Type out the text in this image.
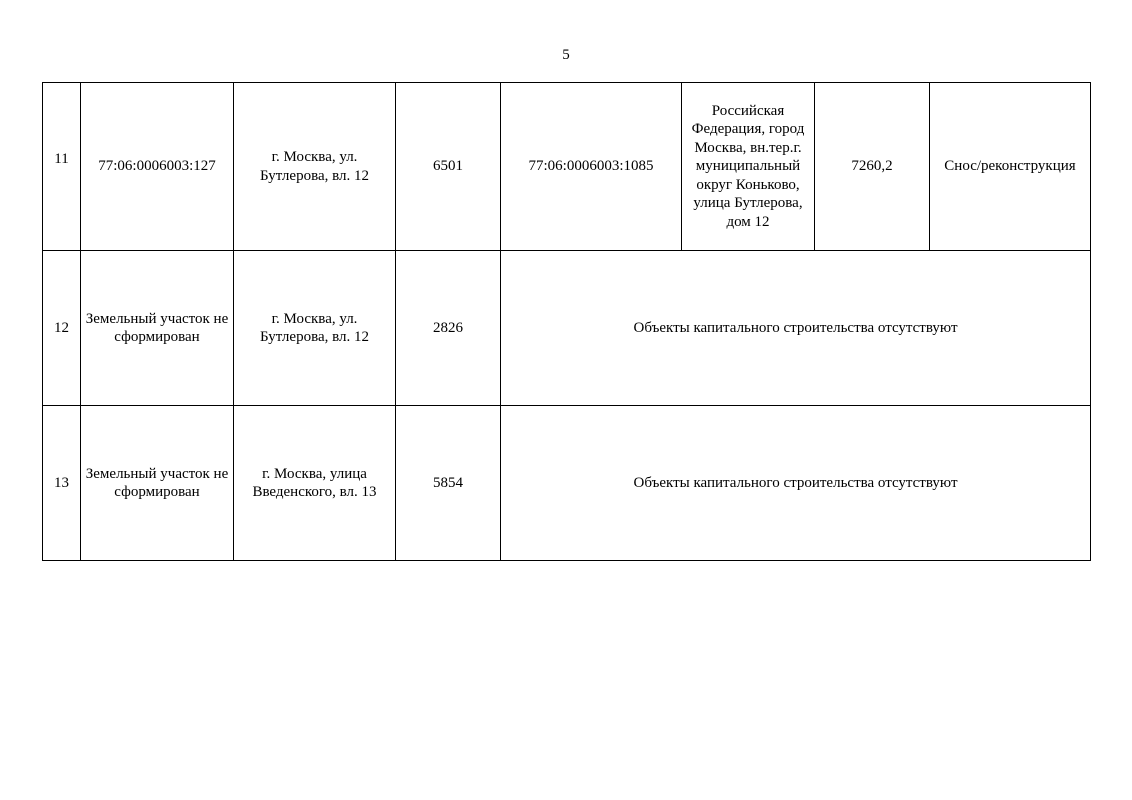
5
11	77:06:0006003:127	г. Москва, ул. Бутлерова, вл. 12	6501	77:06:0006003:1085	Российская Федерация, город Москва, вн.тер.г. муниципальный округ Коньково, улица Бутлерова, дом 12	7260,2	Снос/реконструкция
12	Земельный участок не сформирован	г. Москва, ул. Бутлерова, вл. 12	2826	Объекты капитального строительства отсутствуют			
13	Земельный участок не сформирован	г. Москва, улица Введенского, вл. 13	5854	Объекты капитального строительства отсутствуют			
